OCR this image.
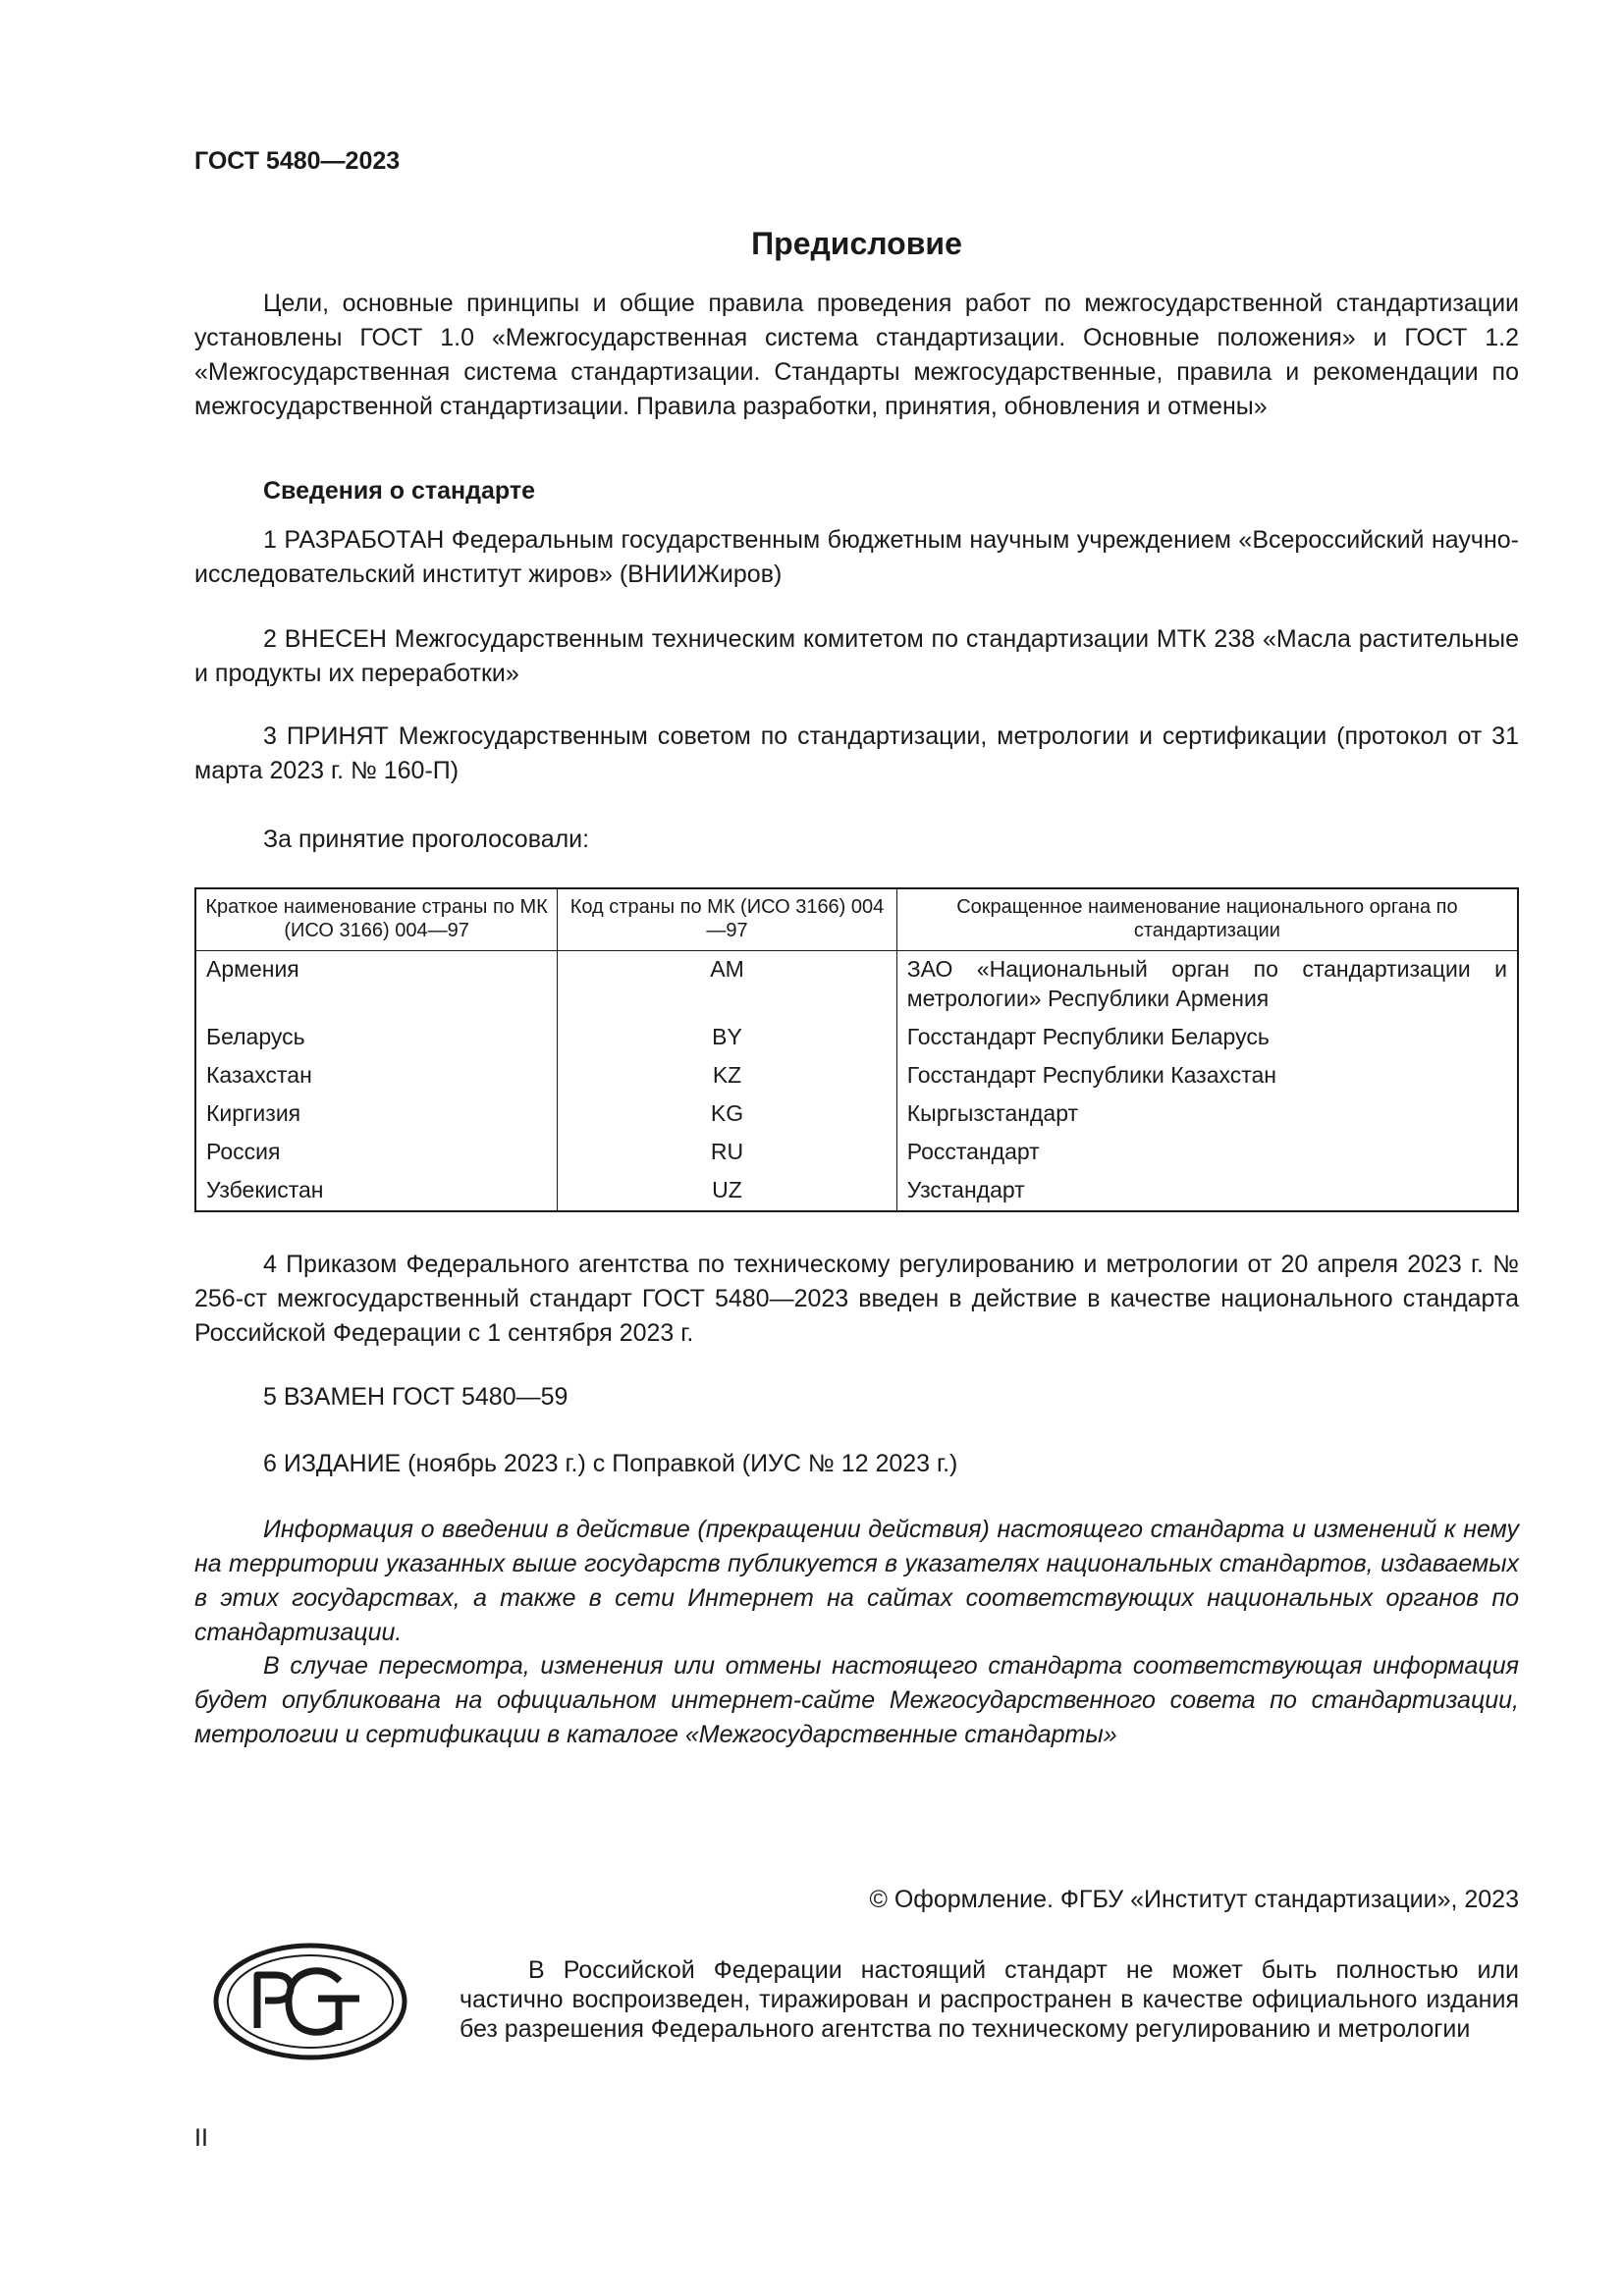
ГОСТ 5480—2023
Предисловие

Цели, основные принципы и общие правила проведения работ по межгосударственной стандартизации установлены ГОСТ 1.0 «Межгосударственная система стандартизации. Основные положения» и ГОСТ 1.2 «Межгосударственная система стандартизации. Стандарты межгосударственные, правила и рекомендации по межгосударственной стандартизации. Правила разработки, принятия, обновления и отмены»

Сведения о стандарте

1 РАЗРАБОТАН Федеральным государственным бюджетным научным учреждением «Всероссийский научно-исследовательский институт жиров» (ВНИИЖиров)

2 ВНЕСЕН Межгосударственным техническим комитетом по стандартизации МТК 238 «Масла растительные и продукты их переработки»

3 ПРИНЯТ Межгосударственным советом по стандартизации, метрологии и сертификации (протокол от 31 марта 2023 г. № 160-П)

За принятие проголосовали:

Краткое наименование страны по МК (ИСО 3166) 004—97	Код страны по МК (ИСО 3166) 004—97	Сокращенное наименование национального органа по стандартизации
Армения	AM	ЗАО «Национальный орган по стандартизации и метрологии» Республики Армения
Беларусь	BY	Госстандарт Республики Беларусь
Казахстан	KZ	Госстандарт Республики Казахстан
Киргизия	KG	Кыргызстандарт
Россия	RU	Росстандарт
Узбекистан	UZ	Узстандарт

4 Приказом Федерального агентства по техническому регулированию и метрологии от 20 апреля 2023 г. № 256-ст межгосударственный стандарт ГОСТ 5480—2023 введен в действие в качестве национального стандарта Российской Федерации с 1 сентября 2023 г.

5 ВЗАМЕН ГОСТ 5480—59

6 ИЗДАНИЕ (ноябрь 2023 г.) с Поправкой (ИУС № 12 2023 г.)

Информация о введении в действие (прекращении действия) настоящего стандарта и изменений к нему на территории указанных выше государств публикуется в указателях национальных стандартов, издаваемых в этих государствах, а также в сети Интернет на сайтах соответствующих национальных органов по стандартизации.

В случае пересмотра, изменения или отмены настоящего стандарта соответствующая информация будет опубликована на официальном интернет-сайте Межгосударственного совета по стандартизации, метрологии и сертификации в каталоге «Межгосударственные стандарты»

© Оформление. ФГБУ «Институт стандартизации», 2023

В Российской Федерации настоящий стандарт не может быть полностью или частично воспроизведен, тиражирован и распространен в качестве официального издания без разрешения Федерального агентства по техническому регулированию и метрологии

II
